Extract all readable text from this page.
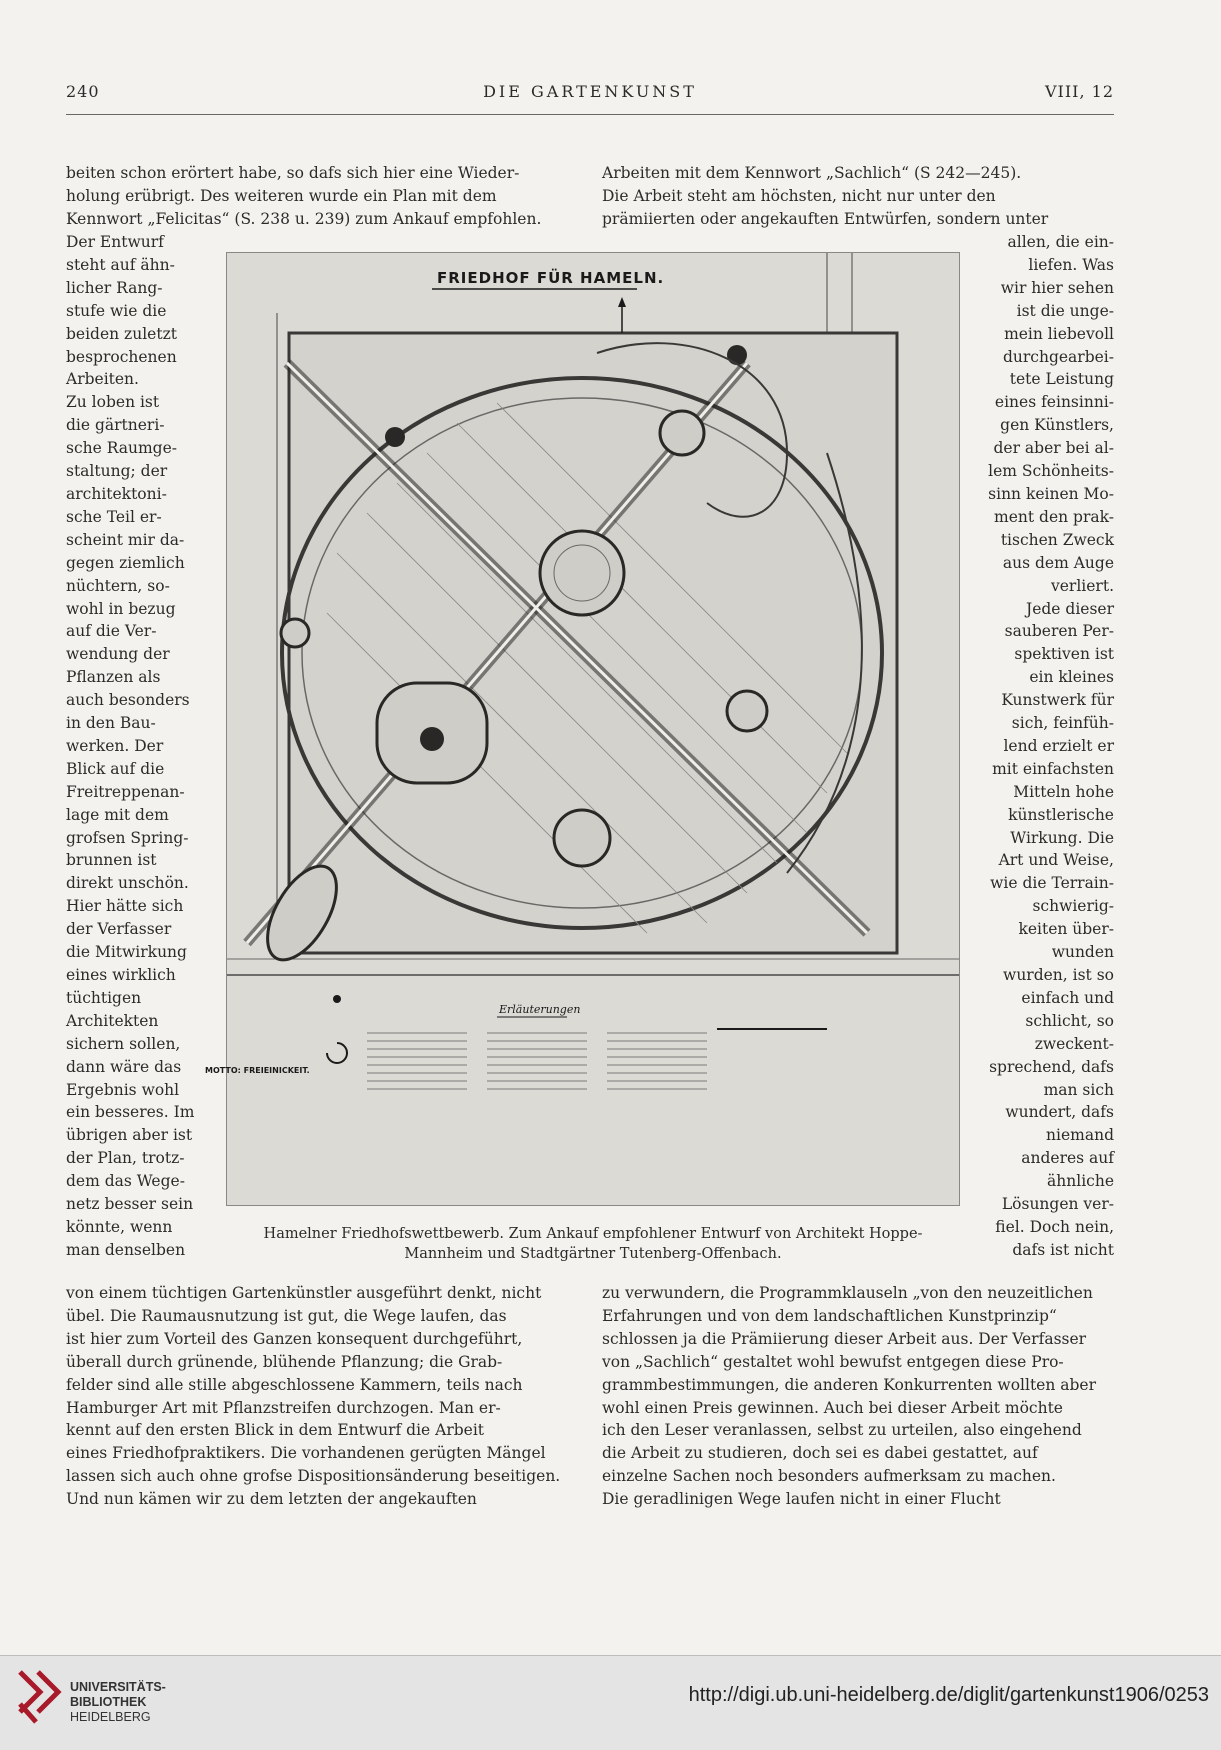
240	DIE GARTENKUNST	VIII, 12

beiten schon erörtert habe, so dafs sich hier eine Wieder-

holung erübrigt. Des weiteren wurde ein Plan mit dem

Kennwort „Felicitas“ (S. 238 u. 239) zum Ankauf empfohlen.

Arbeiten mit dem Kennwort „Sachlich“ (S 242—245).

Die Arbeit steht am höchsten, nicht nur unter den

prämiierten oder angekauften Entwürfen, sondern unter

Der Entwurf

steht auf ähn-

licher Rang-

stufe wie die

beiden zuletzt

besprochenen

Arbeiten.

Zu loben ist

die gärtneri-

sche Raumge-

staltung; der

architektoni-

sche Teil er-

scheint mir da-

gegen ziemlich

nüchtern, so-

wohl in bezug

auf die Ver-

wendung der

Pflanzen als

auch besonders

in den Bau-

werken. Der

Blick auf die

Freitreppenan-

lage mit dem

grofsen Spring-

brunnen ist

direkt unschön.

Hier hätte sich

der Verfasser

die Mitwirkung

eines wirklich

tüchtigen

Architekten

sichern sollen,

dann wäre das

Ergebnis wohl

ein besseres. Im

übrigen aber ist

der Plan, trotz-

dem das Wege-

netz besser sein

könnte, wenn

man denselben

allen, die ein-

liefen. Was

wir hier sehen

ist die unge-

mein liebevoll

durchgearbei-

tete Leistung

eines feinsinni-

gen Künstlers,

der aber bei al-

lem Schönheits-

sinn keinen Mo-

ment den prak-

tischen Zweck

aus dem Auge

verliert.

Jede dieser

sauberen Per-

spektiven ist

ein kleines

Kunstwerk für

sich, feinfüh-

lend erzielt er

mit einfachsten

Mitteln hohe

künstlerische

Wirkung. Die

Art und Weise,

wie die Terrain-

schwierig-

keiten über-

wunden

wurden, ist so

einfach und

schlicht, so

zweckent-

sprechend, dafs

man sich

wundert, dafs

niemand

anderes auf

ähnliche

Lösungen ver-

fiel. Doch nein,

dafs ist nicht

FRIEDHOF FÜR HAMELN.
Erläuterungen
MOTTO: FREIEINICKEIT.
Hamelner Friedhofswettbewerb. Zum Ankauf empfohlener Entwurf von Architekt Hoppe-
Mannheim und Stadtgärtner Tutenberg-Offenbach.

von einem tüchtigen Gartenkünstler ausgeführt denkt, nicht

übel. Die Raumausnutzung ist gut, die Wege laufen, das

ist hier zum Vorteil des Ganzen konsequent durchgeführt,

überall durch grünende, blühende Pflanzung; die Grab-

felder sind alle stille abgeschlossene Kammern, teils nach

Hamburger Art mit Pflanzstreifen durchzogen. Man er-

kennt auf den ersten Blick in dem Entwurf die Arbeit

eines Friedhofpraktikers. Die vorhandenen gerügten Mängel

lassen sich auch ohne grofse Dispositionsänderung beseitigen.

Und nun kämen wir zu dem letzten der angekauften

zu verwundern, die Programmklauseln „von den neuzeitlichen

Erfahrungen und von dem landschaftlichen Kunstprinzip“

schlossen ja die Prämiierung dieser Arbeit aus. Der Verfasser

von „Sachlich“ gestaltet wohl bewufst entgegen diese Pro-

grammbestimmungen, die anderen Konkurrenten wollten aber

wohl einen Preis gewinnen. Auch bei dieser Arbeit möchte

ich den Leser veranlassen, selbst zu urteilen, also eingehend

die Arbeit zu studieren, doch sei es dabei gestattet, auf

einzelne Sachen noch besonders aufmerksam zu machen.

Die geradlinigen Wege laufen nicht in einer Flucht

UNIVERSITÄTS-
BIBLIOTHEK
HEIDELBERG
http://digi.ub.uni-heidelberg.de/diglit/gartenkunst1906/0253
